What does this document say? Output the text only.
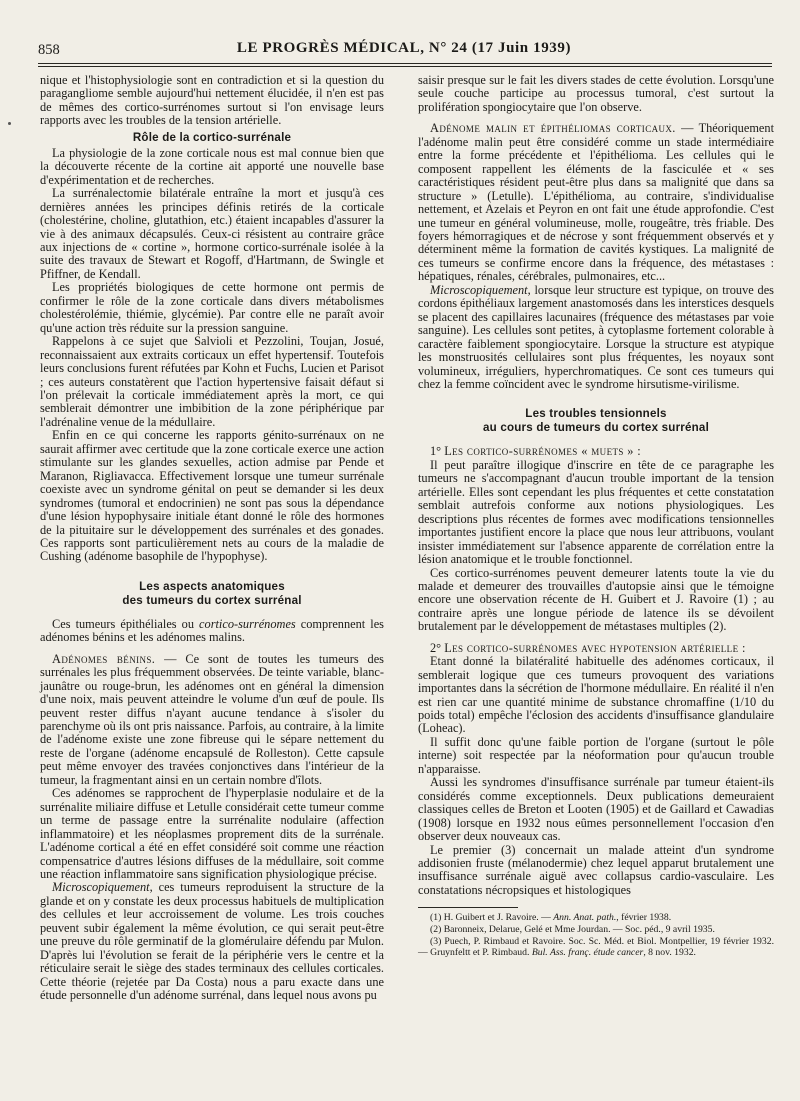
858	LE PROGRÈS MÉDICAL, N° 24 (17 Juin 1939)

nique et l'histophysiologie sont en contradiction et si la question du paragangliome semble aujourd'hui nettement élucidée, il n'en est pas de mêmes des cortico-surrénomes surtout si l'on envisage leurs rapports avec les troubles de la tension artérielle.

Rôle de la cortico-surrénale

La physiologie de la zone corticale nous est mal connue bien que la découverte récente de la cortine ait apporté une nouvelle base d'expérimentation et de recherches.

La surrénalectomie bilatérale entraîne la mort et jusqu'à ces dernières années les principes définis retirés de la corticale (cholestérine, choline, glutathion, etc.) étaient incapables d'assurer la vie à des animaux décapsulés. Ceux-ci résistent au contraire grâce aux injections de « cortine », hormone cortico-surrénale isolée à la suite des travaux de Stewart et Rogoff, d'Hartmann, de Swingle et Pfiffner, de Kendall.

Les propriétés biologiques de cette hormone ont permis de confirmer le rôle de la zone corticale dans divers métabolismes cholestérolémie, thiémie, glycémie). Par contre elle ne paraît avoir qu'une action très réduite sur la pression sanguine.

Rappelons à ce sujet que Salvioli et Pezzolini, Toujan, Josué, reconnaissaient aux extraits corticaux un effet hypertensif. Toutefois leurs conclusions furent réfutées par Kohn et Fuchs, Lucien et Parisot ; ces auteurs constatèrent que l'action hypertensive faisait défaut si l'on prélevait la corticale immédiatement après la mort, ce qui semblerait démontrer une imbibition de la zone périphérique par l'adrénaline venue de la médullaire.

Enfin en ce qui concerne les rapports génito-surrénaux on ne saurait affirmer avec certitude que la zone corticale exerce une action stimulante sur les glandes sexuelles, action admise par Pende et Maranon, Rigliavacca. Effectivement lorsque une tumeur surrénale coexiste avec un syndrome génital on peut se demander si les deux syndromes (tumoral et endocrinien) ne sont pas sous la dépendance d'une lésion hypophysaire initiale étant donné le rôle des hormones de la pituitaire sur le développement des surrénales et des gonades. Ces rapports sont particulièrement nets au cours de la maladie de Cushing (adénome basophile de l'hypophyse).

Les aspects anatomiques
des tumeurs du cortex surrénal

Ces tumeurs épithéliales ou cortico-surrénomes comprennent les adénomes bénins et les adénomes malins.

Adénomes bénins. — Ce sont de toutes les tumeurs des surrénales les plus fréquemment observées. De teinte variable, blanc-jaunâtre ou rouge-brun, les adénomes ont en général la dimension d'une noix, mais peuvent atteindre le volume d'un œuf de poule. Ils peuvent rester diffus n'ayant aucune tendance à s'isoler du parenchyme où ils ont pris naissance. Parfois, au contraire, à la limite de l'adénome existe une zone fibreuse qui le sépare nettement du reste de l'organe (adénome encapsulé de Rolleston). Cette capsule peut même envoyer des travées conjonctives dans l'intérieur de la tumeur, la fragmentant ainsi en un certain nombre d'îlots.

Ces adénomes se rapprochent de l'hyperplasie nodulaire et de la surrénalite miliaire diffuse et Letulle considérait cette tumeur comme un terme de passage entre la surrénalite nodulaire (affection inflammatoire) et les néoplasmes proprement dits de la surrénale. L'adénome cortical a été en effet considéré soit comme une réaction compensatrice d'autres lésions diffuses de la médullaire, soit comme une réaction inflammatoire sans signification physiologique précise.

Microscopiquement, ces tumeurs reproduisent la structure de la glande et on y constate les deux processus habituels de multiplication des cellules et leur accroissement de volume. Les trois couches peuvent subir également la même évolution, ce qui serait peut-être une preuve du rôle germinatif de la glomérulaire défendu par Mulon. D'après lui l'évolution se ferait de la périphérie vers le centre et la réticulaire serait le siège des stades terminaux des cellules corticales. Cette théorie (rejetée par Da Costa) nous a paru exacte dans une étude personnelle d'un adénome surrénal, dans lequel nous avons pu

saisir presque sur le fait les divers stades de cette évolution. Lorsqu'une seule couche participe au processus tumoral, c'est surtout la prolifération spongiocytaire que l'on observe.

Adénome malin et épithéliomas corticaux. — Théoriquement l'adénome malin peut être considéré comme un stade intermédiaire entre la forme précédente et l'épithélioma. Les cellules qui le composent rappellent les éléments de la fasciculée et « ses caractéristiques résident peut-être plus dans sa malignité que dans sa structure » (Letulle). L'épithélioma, au contraire, s'individualise nettement, et Azelais et Peyron en ont fait une étude approfondie. C'est une tumeur en général volumineuse, molle, rougeâtre, très friable. Des foyers hémorragiques et de nécrose y sont fréquemment observés et y déterminent même la formation de cavités kystiques. La malignité de ces tumeurs se confirme encore dans la fréquence, des métastases : hépatiques, rénales, cérébrales, pulmonaires, etc...

Microscopiquement, lorsque leur structure est typique, on trouve des cordons épithéliaux largement anastomosés dans les interstices desquels se placent des capillaires lacunaires (fréquence des métastases par voie sanguine). Les cellules sont petites, à cytoplasme fortement colorable à caractère faiblement spongiocytaire. Lorsque la structure est atypique les monstruosités cellulaires sont plus fréquentes, les noyaux sont volumineux, irréguliers, hyperchromatiques. Ce sont ces tumeurs qui chez la femme coïncident avec le syndrome hirsutisme-virilisme.

Les troubles tensionnels
au cours de tumeurs du cortex surrénal

1° Les cortico-surrénomes « muets » :

Il peut paraître illogique d'inscrire en tête de ce paragraphe les tumeurs ne s'accompagnant d'aucun trouble important de la tension artérielle. Elles sont cependant les plus fréquentes et cette constatation semblait autrefois conforme aux notions physiologiques. Les descriptions plus récentes de formes avec modifications tensionnelles importantes justifient encore la place que nous leur attribuons, voulant insister immédiatement sur l'absence apparente de corrélation entre la lésion anatomique et le trouble fonctionnel.

Ces cortico-surrénomes peuvent demeurer latents toute la vie du malade et demeurer des trouvailles d'autopsie ainsi que le témoigne encore une observation récente de H. Guibert et J. Ravoire (1) ; au contraire après une longue période de latence ils se dévoilent brutalement par le développement de métastases multiples (2).

2° Les cortico-surrénomes avec hypotension artérielle :

Etant donné la bilatéralité habituelle des adénomes corticaux, il semblerait logique que ces tumeurs provoquent des variations importantes dans la sécrétion de l'hormone médullaire. En réalité il n'en est rien car une quantité minime de substance chromaffine (1/10 du poids total) empêche l'éclosion des accidents d'insuffisance glandulaire (Loheac).

Il suffit donc qu'une faible portion de l'organe (surtout le pôle interne) soit respectée par la néoformation pour qu'aucun trouble n'apparaisse.

Aussi les syndromes d'insuffisance surrénale par tumeur étaient-ils considérés comme exceptionnels. Deux publications demeuraient classiques celles de Breton et Looten (1905) et de Gaillard et Cawadias (1908) lorsque en 1932 nous eûmes personnellement l'occasion d'en observer deux nouveaux cas.

Le premier (3) concernait un malade atteint d'un syndrome addisonien fruste (mélanodermie) chez lequel apparut brutalement une insuffisance surrénale aiguë avec collapsus cardio-vasculaire. Les constatations nécropsiques et histologiques

(1) H. Guibert et J. Ravoire. — Ann. Anat. path., février 1938.

(2) Baronneix, Delarue, Gelé et Mme Jourdan. — Soc. péd., 9 avril 1935.

(3) Puech, P. Rimbaud et Ravoire. Soc. Sc. Méd. et Biol. Montpellier, 19 février 1932. — Gruynfeltt et P. Rimbaud. Bul. Ass. franç. étude cancer, 8 nov. 1932.
